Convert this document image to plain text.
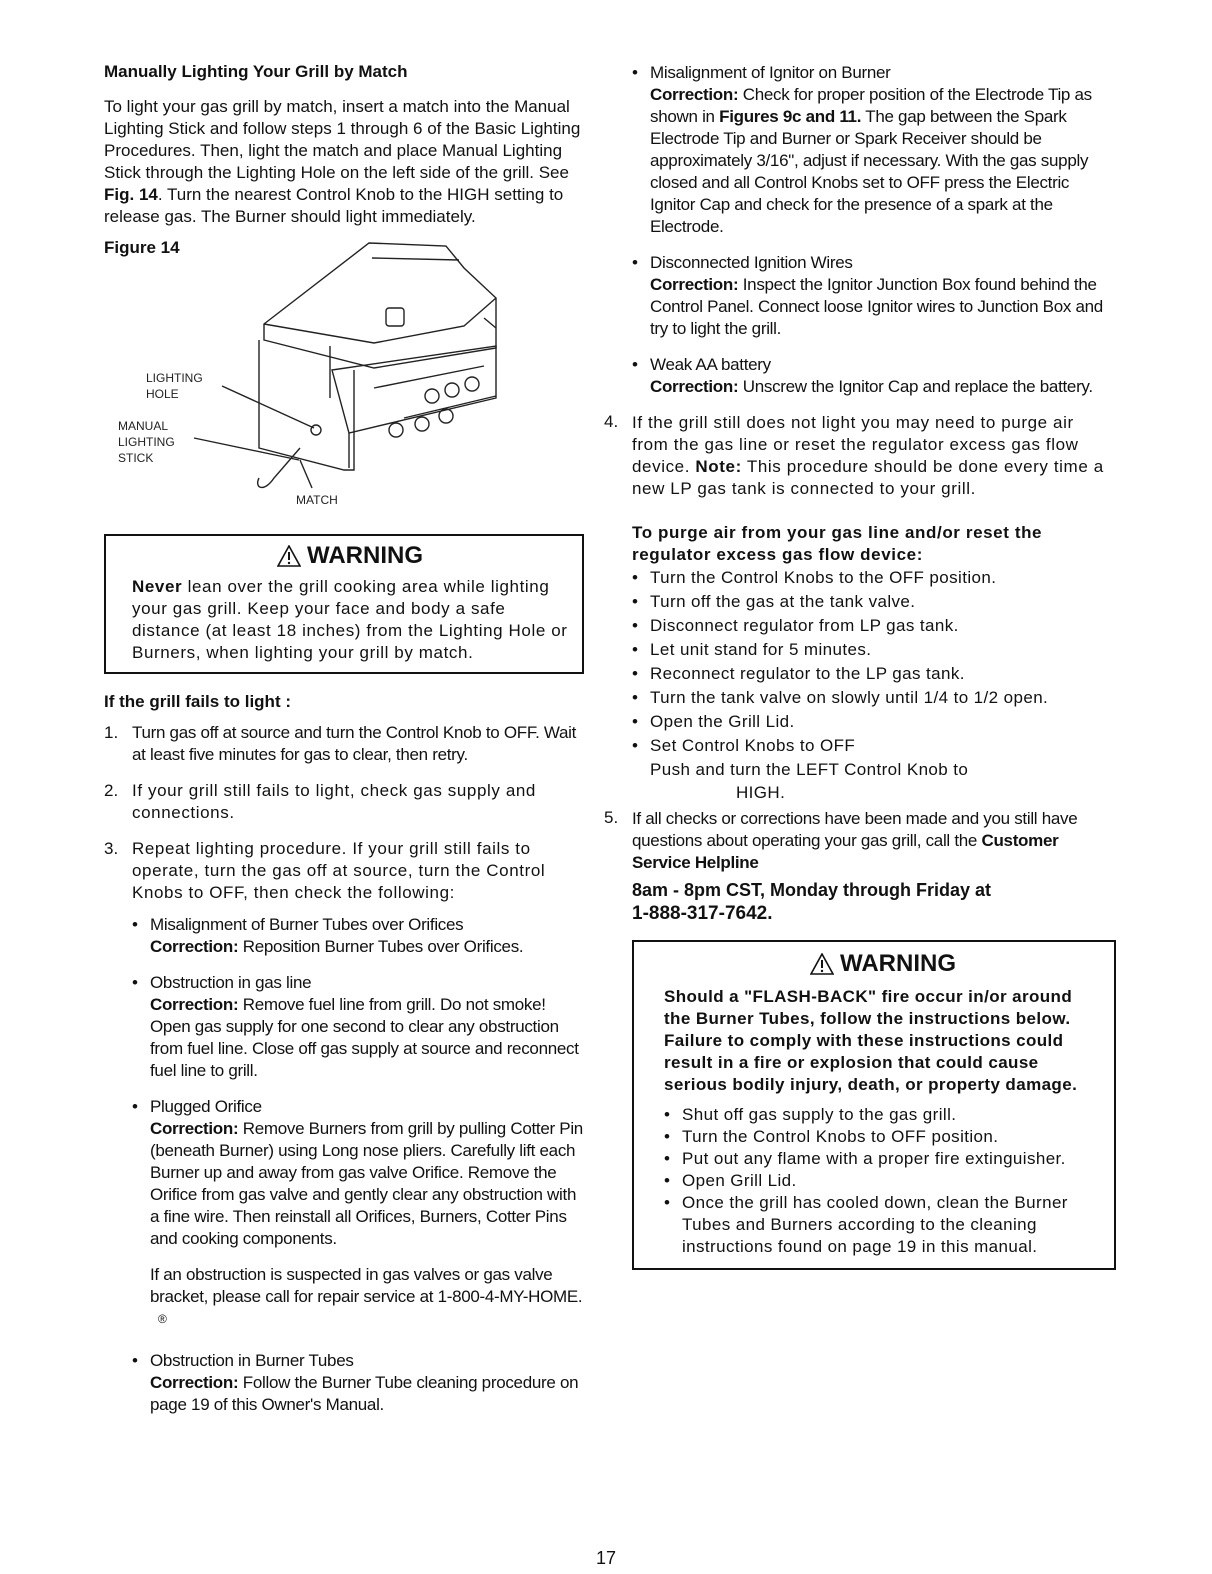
Manually Lighting Your Grill by Match

To light your gas grill by match, insert a match into the Manual Lighting Stick and follow steps 1 through 6 of the Basic Lighting Procedures. Then, light the match and place Manual Lighting Stick through the Lighting Hole on the left side of the grill. See Fig. 14. Turn the nearest Control Knob to the HIGH setting to release gas. The Burner should light immediately.

Figure 14
LIGHTING
HOLE
MANUAL
LIGHTING
STICK
MATCH
WARNING

Never lean over the grill cooking area while lighting your gas grill. Keep your face and body a safe distance (at least 18 inches) from the Lighting Hole or Burners, when lighting your grill by match.

If the grill fails to light :
1. Turn gas off at source and turn the Control Knob to OFF. Wait at least five minutes for gas to clear, then retry.
2. If your grill still fails to light, check gas supply and connections.
3. Repeat lighting procedure. If your grill still fails to operate, turn the gas off at source, turn the Control Knobs to OFF, then check the following:
• Misalignment of Burner Tubes over Orifices
Correction: Reposition Burner Tubes over Orifices.
• Obstruction in gas line
Correction: Remove fuel line from grill. Do not smoke! Open gas supply for one second to clear any obstruction from fuel line. Close off gas supply at source and reconnect fuel line to grill.
• Plugged Orifice
Correction: Remove Burners from grill by pulling Cotter Pin (beneath Burner) using Long nose pliers. Carefully lift each Burner up and away from gas valve Orifice. Remove the Orifice from gas valve and gently clear any obstruction with a fine wire. Then reinstall all Orifices, Burners, Cotter Pins and cooking components.
If an obstruction is suspected in gas valves or gas valve bracket, please call for repair service at 1-800-4-MY-HOME. ®
• Obstruction in Burner Tubes
Correction: Follow the Burner Tube cleaning procedure on page 19 of this Owner's Manual.
• Misalignment of Ignitor on Burner
Correction: Check for proper position of the Electrode Tip as shown in Figures 9c and 11. The gap between the Spark Electrode Tip and Burner or Spark Receiver should be approximately 3/16", adjust if necessary. With the gas supply closed and all Control Knobs set to OFF press the Electric Ignitor Cap and check for the presence of a spark at the Electrode.
• Disconnected Ignition Wires
Correction: Inspect the Ignitor Junction Box found behind the Control Panel. Connect loose Ignitor wires to Junction Box and try to light the grill.
• Weak AA battery
Correction: Unscrew the Ignitor Cap and replace the battery.
4. If the grill still does not light you may need to purge air from the gas line or reset the regulator excess gas flow device. Note: This procedure should be done every time a new LP gas tank is connected to your grill.

To purge air from your gas line and/or reset the regulator excess gas flow device:
• Turn the Control Knobs to the OFF position.
• Turn off the gas at the tank valve.
• Disconnect regulator from LP gas tank.
• Let unit stand for 5 minutes.
• Reconnect regulator to the LP gas tank.
• Turn the tank valve on slowly until 1/4 to 1/2 open.
• Open the Grill Lid.
• Set Control Knobs to OFF
Push and turn the LEFT Control Knob to
HIGH.
5. If all checks or corrections have been made and you still have questions about operating your gas grill, call the Customer Service Helpline

8am - 8pm CST, Monday through Friday at
1-888-317-7642.
WARNING

Should a "FLASH-BACK" fire occur in/or around the Burner Tubes, follow the instructions below. Failure to comply with these instructions could result in a fire or explosion that could cause serious bodily injury, death, or property damage.

• Shut off gas supply to the gas grill.
• Turn the Control Knobs to OFF position.
• Put out any flame with a proper fire extinguisher.
• Open Grill Lid.
• Once the grill has cooled down, clean the Burner Tubes and Burners according to the cleaning instructions found on page 19 in this manual.
17
